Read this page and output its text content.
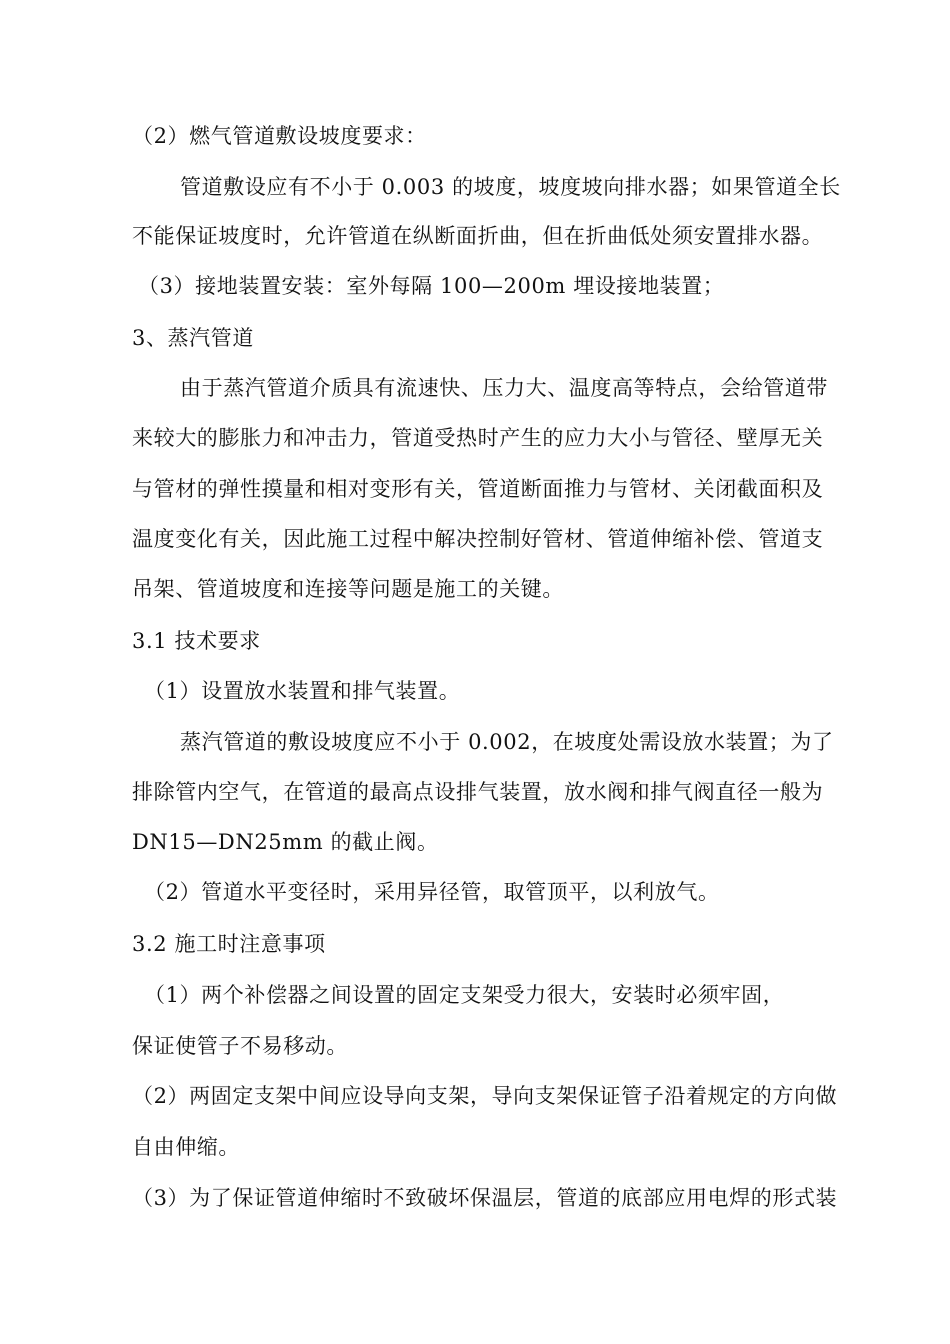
（2）燃气管道敷设坡度要求：
管道敷设应有不小于 0.003 的坡度，坡度坡向排水器；如果管道全长
不能保证坡度时，允许管道在纵断面折曲，但在折曲低处须安置排水器。
（3）接地装置安装：室外每隔 100—200m 埋设接地装置；
3、蒸汽管道
由于蒸汽管道介质具有流速快、压力大、温度高等特点，会给管道带
来较大的膨胀力和冲击力，管道受热时产生的应力大小与管径、壁厚无关
与管材的弹性摸量和相对变形有关，管道断面推力与管材、关闭截面积及
温度变化有关，因此施工过程中解决控制好管材、管道伸缩补偿、管道支
吊架、管道坡度和连接等问题是施工的关键。
3.1 技术要求
（1）设置放水装置和排气装置。
蒸汽管道的敷设坡度应不小于 0.002，在坡度处需设放水装置；为了
排除管内空气，在管道的最高点设排气装置，放水阀和排气阀直径一般为
DN15—DN25mm 的截止阀。
（2）管道水平变径时，采用异径管，取管顶平，以利放气。
3.2 施工时注意事项
（1）两个补偿器之间设置的固定支架受力很大，安装时必须牢固，
保证使管子不易移动。
（2）两固定支架中间应设导向支架，导向支架保证管子沿着规定的方向做
自由伸缩。
（3）为了保证管道伸缩时不致破坏保温层，管道的底部应用电焊的形式装
